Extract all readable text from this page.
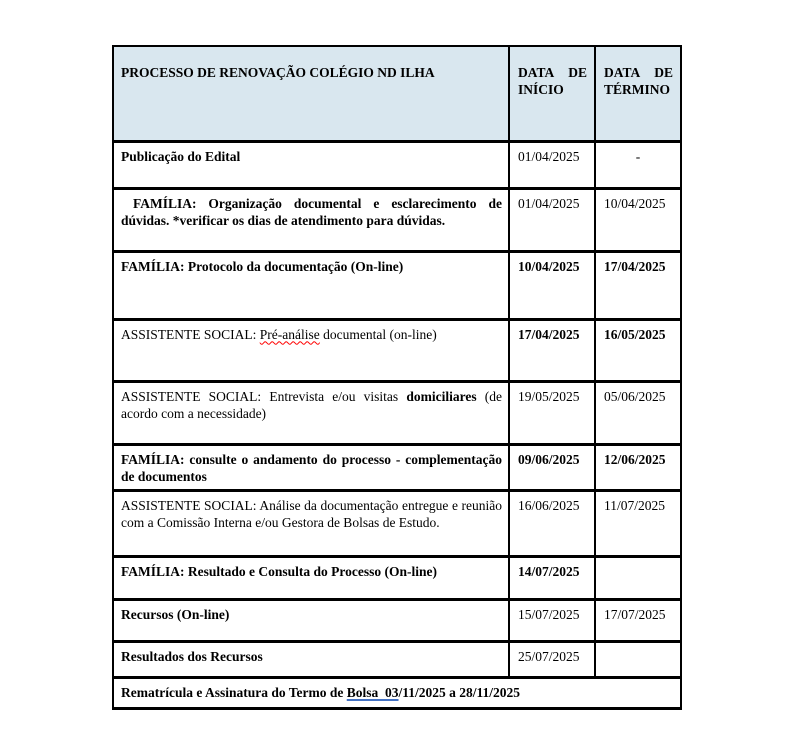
PROCESSO DE RENOVAÇÃO COLÉGIO ND ILHA	DATA DE INÍCIO	DATA DE TÉRMINO
Publicação do Edital	01/04/2025	-
FAMÍLIA: Organização documental e esclarecimento de dúvidas. *verificar os dias de atendimento para dúvidas.	01/04/2025	10/04/2025
FAMÍLIA: Protocolo da documentação (On-line)	10/04/2025	17/04/2025
ASSISTENTE SOCIAL: Pré-análise documental (on-line)	17/04/2025	16/05/2025
ASSISTENTE SOCIAL: Entrevista e/ou visitas domiciliares (de acordo com a necessidade)	19/05/2025	05/06/2025
FAMÍLIA: consulte o andamento do processo - complementação de documentos	09/06/2025	12/06/2025
ASSISTENTE SOCIAL: Análise da documentação entregue e reunião com a Comissão Interna e/ou Gestora de Bolsas de Estudo.	16/06/2025	11/07/2025
FAMÍLIA: Resultado e Consulta do Processo (On-line)	14/07/2025	
Recursos (On-line)	15/07/2025	17/07/2025
Resultados dos Recursos	25/07/2025	
Rematrícula e Assinatura do Termo de Bolsa  03/11/2025 a 28/11/2025		
